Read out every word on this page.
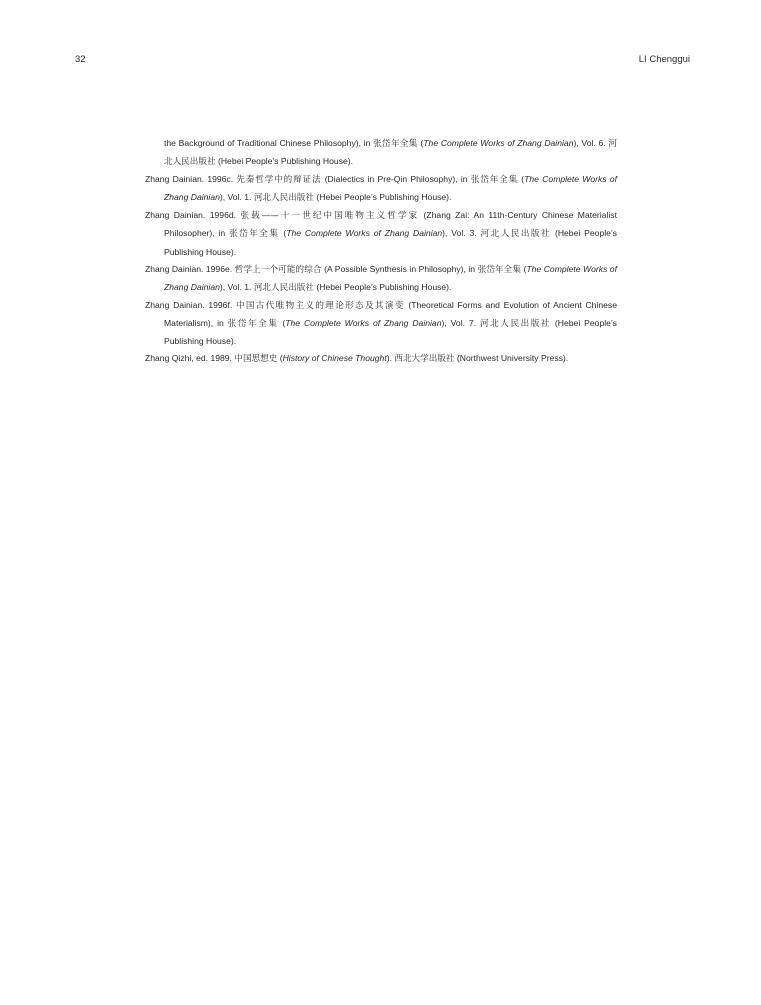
32	LI Chenggui

the Background of Traditional Chinese Philosophy), in 张岱年全集 (The Complete Works of Zhang Dainian), Vol. 6. 河北人民出版社 (Hebei People’s Publishing House).

Zhang Dainian. 1996c. 先秦哲学中的辩证法 (Dialectics in Pre-Qin Philosophy), in 张岱年全集 (The Complete Works of Zhang Dainian), Vol. 1. 河北人民出版社 (Hebei People’s Publishing House).

Zhang Dainian. 1996d. 张载——十一世纪中国唯物主义哲学家 (Zhang Zai: An 11th-Century Chinese Materialist Philosopher), in 张岱年全集 (The Complete Works of Zhang Dainian), Vol. 3. 河北人民出版社 (Hebei People’s Publishing House).

Zhang Dainian. 1996e. 哲学上一个可能的综合 (A Possible Synthesis in Philosophy), in 张岱年全集 (The Complete Works of Zhang Dainian), Vol. 1. 河北人民出版社 (Hebei People’s Publishing House).

Zhang Dainian. 1996f. 中国古代唯物主义的理论形态及其演变 (Theoretical Forms and Evolution of Ancient Chinese Materialism), in 张岱年全集 (The Complete Works of Zhang Dainian), Vol. 7. 河北人民出版社 (Hebei People’s Publishing House).

Zhang Qizhi, ed. 1989. 中国思想史 (History of Chinese Thought). 西北大学出版社 (Northwest University Press).
